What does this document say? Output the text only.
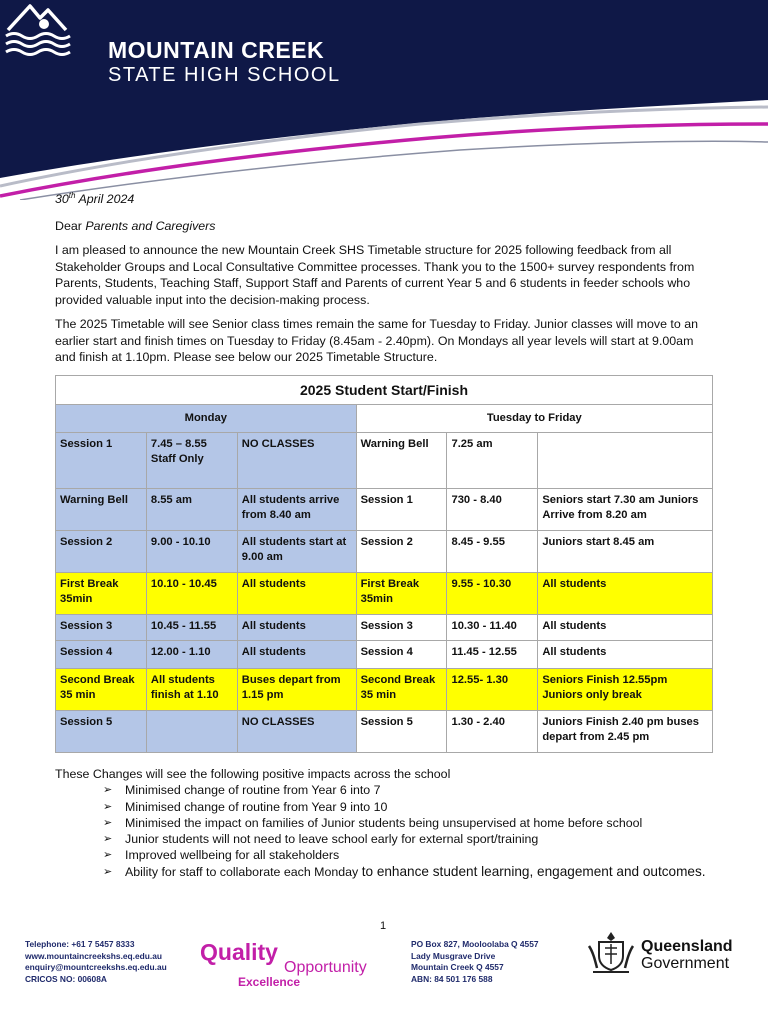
MOUNTAIN CREEK
STATE HIGH SCHOOL

30th April 2024

Dear Parents and Caregivers

I am pleased to announce the new Mountain Creek SHS Timetable structure for 2025 following feedback from all Stakeholder Groups and Local Consultative Committee processes. Thank you to the 1500+ survey respondents from Parents, Students, Teaching Staff, Support Staff and Parents of current Year 5 and 6 students in feeder schools who provided valuable input into the decision-making process.

The 2025 Timetable will see Senior class times remain the same for Tuesday to Friday. Junior classes will move to an earlier start and finish times on Tuesday to Friday (8.45am - 2.40pm). On Mondays all year levels will start at 9.00am and finish at 1.10pm. Please see below our 2025 Timetable Structure.

2025 Student Start/Finish					
Monday			Tuesday to Friday		
Session 1	7.45 – 8.55 Staff Only	NO CLASSES	Warning Bell	7.25 am	
Warning Bell	8.55 am	All students arrive from 8.40 am	Session 1	730 - 8.40	Seniors start 7.30 am Juniors Arrive from 8.20 am
Session 2	9.00 - 10.10	All students start at 9.00 am	Session 2	8.45 - 9.55	Juniors start 8.45 am
First Break 35min	10.10 - 10.45	All students	First Break 35min	9.55 - 10.30	All students
Session 3	10.45 - 11.55	All students	Session 3	10.30 - 11.40	All students
Session 4	12.00 - 1.10	All students	Session 4	11.45 - 12.55	All students
Second Break 35 min	All students finish at 1.10	Buses depart from 1.15 pm	Second Break 35 min	12.55- 1.30	Seniors Finish 12.55pm Juniors only break
Session 5		NO CLASSES	Session 5	1.30 - 2.40	Juniors Finish 2.40 pm buses depart from 2.45 pm
These Changes will see the following positive impacts across the school
➢ Minimised change of routine from Year 6 into 7
➢ Minimised change of routine from Year 9 into 10
➢ Minimised the impact on families of Junior students being unsupervised at home before school
➢ Junior students will not need to leave school early for external sport/training
➢ Improved wellbeing for all stakeholders
➢ Ability for staff to collaborate each Monday to enhance student learning, engagement and outcomes.
1
Telephone: +61 7 5457 8333
www.mountaincreekshs.eq.edu.au
enquiry@mountcreekshs.eq.edu.au
CRICOS NO: 00608A
Quality
Opportunity
Excellence
PO Box 827, Mooloolaba Q 4557
Lady Musgrave Drive
Mountain Creek Q 4557
ABN: 84 501 176 588
Queensland
Government
